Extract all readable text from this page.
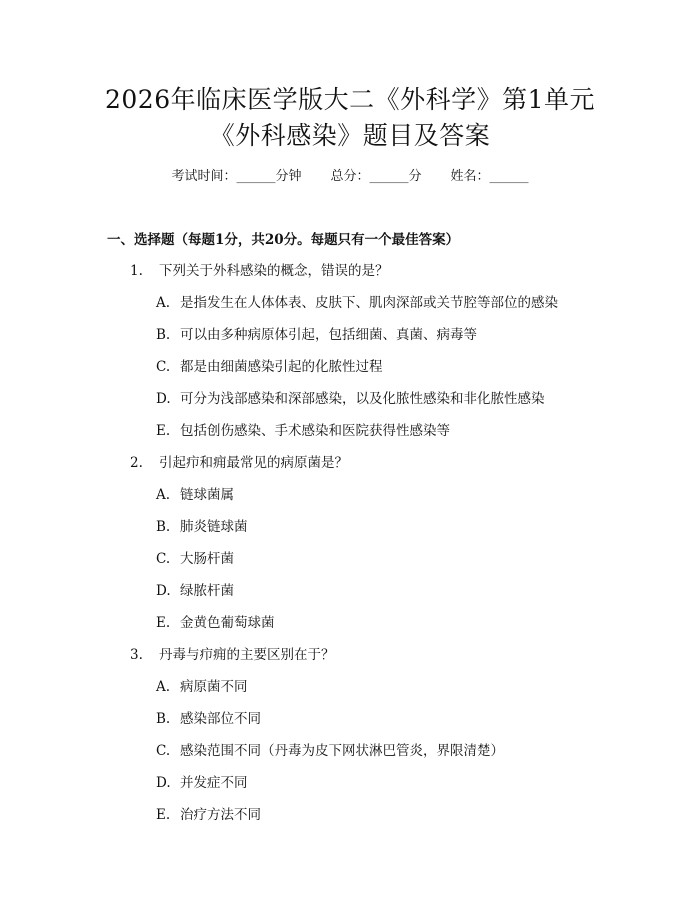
2026年临床医学版大二《外科学》第1单元
《外科感染》题目及答案
考试时间：______分钟 总分：______分 姓名：______
一、选择题（每题1分，共20分。每题只有一个最佳答案）
1. 下列关于外科感染的概念，错误的是？
A. 是指发生在人体体表、皮肤下、肌肉深部或关节腔等部位的感染
B. 可以由多种病原体引起，包括细菌、真菌、病毒等
C. 都是由细菌感染引起的化脓性过程
D. 可分为浅部感染和深部感染，以及化脓性感染和非化脓性感染
E. 包括创伤感染、手术感染和医院获得性感染等
2. 引起疖和痈最常见的病原菌是？
A. 链球菌属
B. 肺炎链球菌
C. 大肠杆菌
D. 绿脓杆菌
E. 金黄色葡萄球菌
3. 丹毒与疖痈的主要区别在于？
A. 病原菌不同
B. 感染部位不同
C. 感染范围不同（丹毒为皮下网状淋巴管炎，界限清楚）
D. 并发症不同
E. 治疗方法不同
